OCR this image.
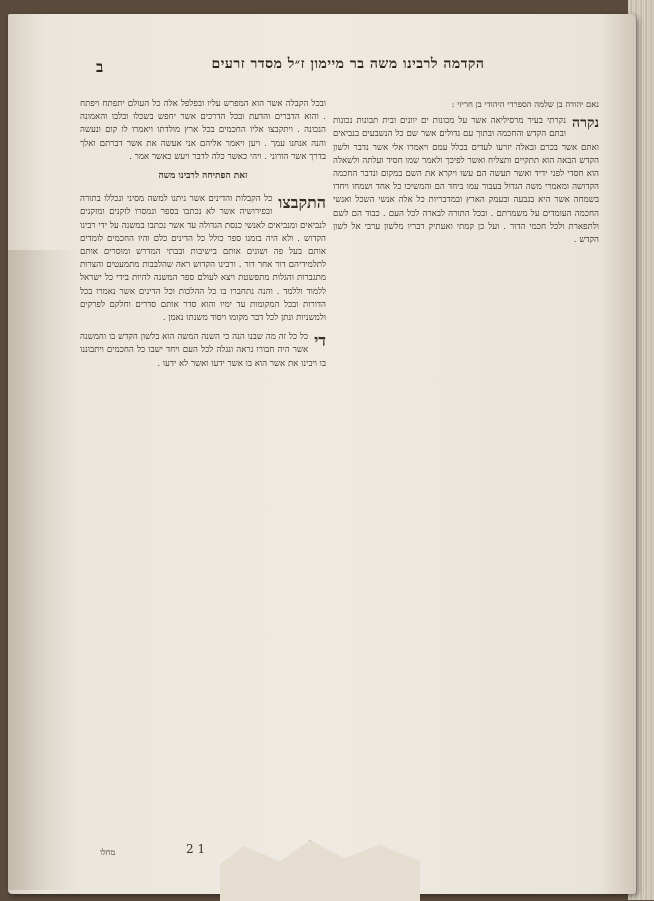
הקדמה לרבינו משה בר מיימון ז״ל מסדר זרעים
ב

נאם יהודה בן שלמה הספרדי היהודי בן חריזי :

נקרה
נקרתי בעיר מרסיליאה אשר על מכונות ים יוונים ובית תבונות נכונות ובתם הקדש והחכמה ובתוך עם גדולים אשר שם כל הנשבעים בנביאים ואתם אשר בכרם ובאלה יזרעו לעדים בכלל עמם ויאמרו אלי אשר נדבר ולשון הקדש הבאה הוא תתקיים ותצליח ואשר לפיכך ולאמר שמו חסיד ועלתה ולשאלה הוא חסדי לפני ידיד ואשר תעשה הם עשו ויקרא את השם במקום ונדבר החכמה הקדושה ומאמרי משה הגדול בעבור עמו ביחד הם והמשיכו כל אחד ושמחו ויחדו בשמחה אשר היא בגבעה ובעמק הארץ ובמדבריות כל אלה אנשי השכל ואנשי החכמה העומדים על משמרתם . ובכל התורה לבארה לכל העם . כבוד הם לשם ולתפארת ולכל חכמי הדור . ועל כן קמתי ואעתיק דבריו מלשון ערבי אל לשון הקדש .

ובכל הקבלה אשר הוא המפרש עליו ובפלפל אלה כל העולם יתפתח ויפתח . והוא הדברים והדעת ובכל הדרכים אשר יחפש בשכלו ובלבו והאמונה הנכונה . ויתקבצו אליו החכמים בכל ארץ מולדתו ויאמרו לו קום ונעשה והנה אנחנו עמך . ויען ויאמר אליהם אני אעשה את אשר דברתם ואלך בדרך אשר הורוני . ויהי כאשר כלה לדבר ויעש כאשר אמר .

זאת הפתיחה לרבינו משה

התקבצו
כל הקבלות והדינים אשר ניתנו למשה מסיני ונכללו בתורה ובפירושיה אשר לא נכתבו בספר ונמסרו לזקנים ומזקנים לנביאים ומנביאים לאנשי כנסת הגדולה עד אשר נכתבו במשנה על ידי רבינו הקדוש . ולא היה בזמנו ספר כולל כל הדינים כלם והיו החכמים לומדים אותם בעל פה ושונים אותם בישיבות ובבתי המדרש ומוסרים אותם לתלמידיהם דור אחר דור . ורבינו הקדוש ראה שהלבבות מתמעטים והצרות מתגברות והגלות מתפשטת ויצא לעולם ספר המשנה להיות בידי כל ישראל ללמוד וללמד . והנה נתחברו בו כל ההלכות וכל הדינים אשר נאמרו בכל הדורות ובכל המקומות עד ימיו והוא סדר אותם סדרים וחלקם לפרקים ולמשניות ונתן לכל דבר מקומו ויסוד משנתו נאמן .

די
כל כל זה מה שבנו הנה כי השנה המשה הוא בלשון הקדש בו והמשנה אשר היה חבורו נראה ונגלה לכל העם ויחד ישבו כל החכמים ויתבוננו בו ויבינו את אשר הוא בו אשר ידעו ואשר לא ידעו .

מחלו	2 1
